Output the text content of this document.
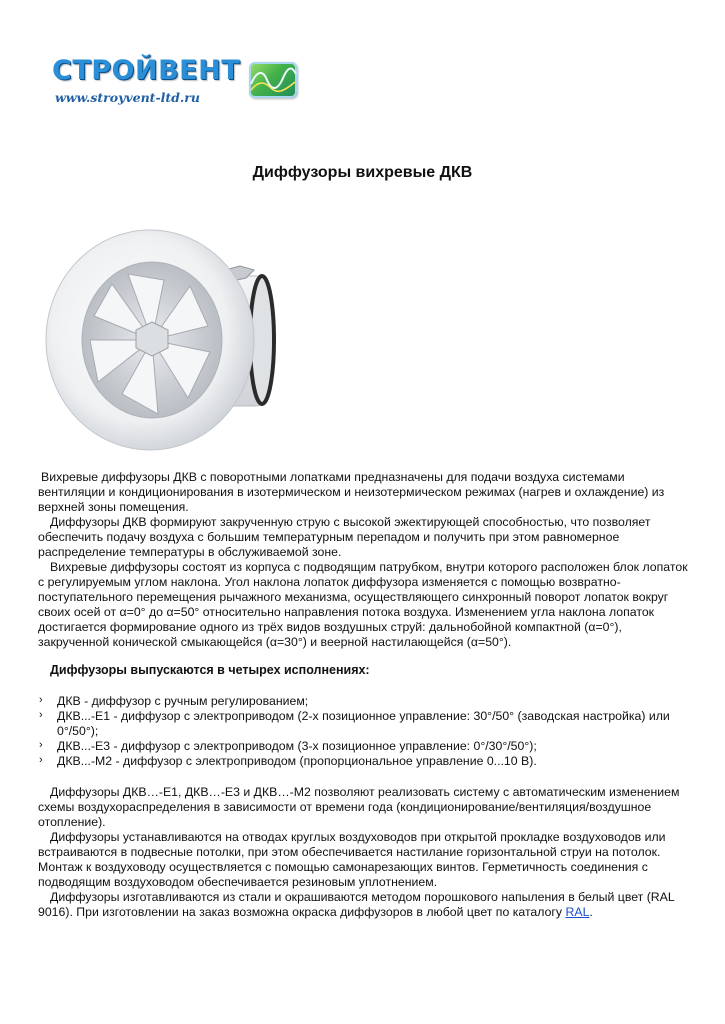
СТРОЙВЕНТ
www.stroyvent-ltd.ru
Диффузоры вихревые ДКВ

Вихревые диффузоры ДКВ с поворотными лопатками предназначены для подачи воздуха системами вентиляции и кондиционирования в изотермическом и неизотермическом режимах (нагрев и охлаждение) из верхней зоны помещения.

Диффузоры ДКВ формируют закрученную струю с высокой эжектирующей способностью, что позволяет обеспечить подачу воздуха с большим температурным перепадом и получить при этом равномерное распределение температуры в обслуживаемой зоне.

Вихревые диффузоры состоят из корпуса с подводящим патрубком, внутри которого расположен блок лопаток с регулируемым углом наклона. Угол наклона лопаток диффузора изменяется с помощью возвратно-поступательного перемещения рычажного механизма, осуществляющего синхронный поворот лопаток вокруг своих осей от α=0° до α=50° относительно направления потока воздуха. Изменением угла наклона лопаток достигается формирование одного из трёх видов воздушных струй: дальнобойной компактной (α=0°), закрученной конической смыкающейся (α=30°) и веерной настилающейся (α=50°).

Диффузоры выпускаются в четырех исполнениях:
› ДКВ - диффузор с ручным регулированием;
› ДКВ...-Е1 - диффузор с электроприводом (2-х позиционное управление: 30°/50° (заводская настройка) или 0°/50°);
› ДКВ...-Е3 - диффузор с электроприводом (3-х позиционное управление: 0°/30°/50°);
› ДКВ...-М2 - диффузор с электроприводом (пропорциональное управление 0...10 В).

Диффузоры ДКВ…-Е1, ДКВ…-Е3 и ДКВ…-М2 позволяют реализовать систему с автоматическим изменением схемы воздухораспределения в зависимости от времени года (кондиционирование/вентиляция/воздушное отопление).

Диффузоры устанавливаются на отводах круглых воздуховодов при открытой прокладке воздуховодов или встраиваются в подвесные потолки, при этом обеспечивается настилание горизонтальной струи на потолок. Монтаж к воздуховоду осуществляется с помощью самонарезающих винтов. Герметичность соединения с подводящим воздуховодом обеспечивается резиновым уплотнением.

Диффузоры изготавливаются из стали и окрашиваются методом порошкового напыления в белый цвет (RAL 9016). При изготовлении на заказ возможна окраска диффузоров в любой цвет по каталогу RAL.
